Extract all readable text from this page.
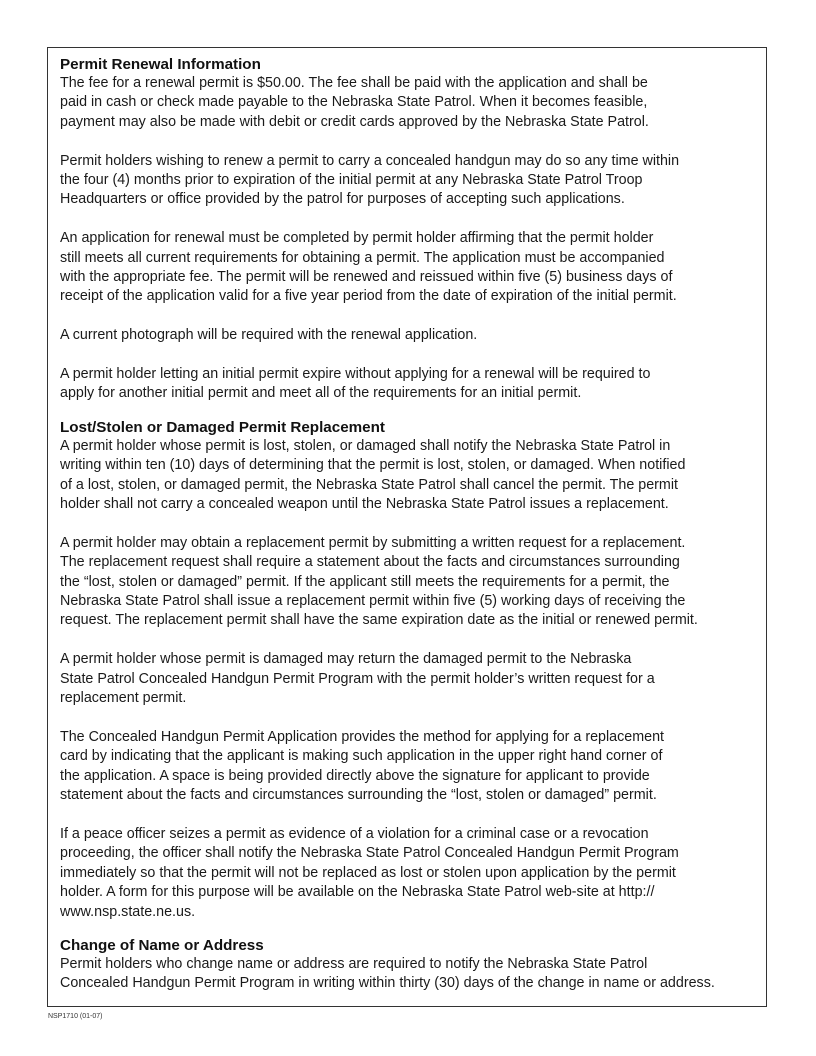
Permit Renewal Information

The fee for a renewal permit is $50.00. The fee shall be paid with the application and shall be

paid in cash or check made payable to the Nebraska State Patrol. When it becomes feasible,

payment may also be made with debit or credit cards approved by the Nebraska State Patrol.

Permit holders wishing to renew a permit to carry a concealed handgun may do so any time within

the four (4) months prior to expiration of the initial permit at any Nebraska State Patrol Troop

Headquarters or office provided by the patrol for purposes of accepting such applications.

An application for renewal must be completed by permit holder affirming that the permit holder

still meets all current requirements for obtaining a permit. The application must be accompanied

with the appropriate fee. The permit will be renewed and reissued within five (5) business days of

receipt of the application valid for a five year period from the date of expiration of the initial permit.

A current photograph will be required with the renewal application.

A permit holder letting an initial permit expire without applying for a renewal will be required to

apply for another initial permit and meet all of the requirements for an initial permit.

Lost/Stolen or Damaged Permit Replacement

A permit holder whose permit is lost, stolen, or damaged shall notify the Nebraska State Patrol in

writing within ten (10) days of determining that the permit is lost, stolen, or damaged. When notified

of a lost, stolen, or damaged permit, the Nebraska State Patrol shall cancel the permit. The permit

holder shall not carry a concealed weapon until the Nebraska State Patrol issues a replacement.

A permit holder may obtain a replacement permit by submitting a written request for a replacement.

The replacement request shall require a statement about the facts and circumstances surrounding

the “lost, stolen or damaged” permit. If the applicant still meets the requirements for a permit, the

Nebraska State Patrol shall issue a replacement permit within five (5) working days of receiving the

request. The replacement permit shall have the same expiration date as the initial or renewed permit.

A permit holder whose permit is damaged may return the damaged permit to the Nebraska

State Patrol Concealed Handgun Permit Program with the permit holder’s written request for a

replacement permit.

The Concealed Handgun Permit Application provides the method for applying for a replacement

card by indicating that the applicant is making such application in the upper right hand corner of

the application. A space is being provided directly above the signature for applicant to provide

statement about the facts and circumstances surrounding the “lost, stolen or damaged” permit.

If a peace officer seizes a permit as evidence of a violation for a criminal case or a revocation

proceeding, the officer shall notify the Nebraska State Patrol Concealed Handgun Permit Program

immediately so that the permit will not be replaced as lost or stolen upon application by the permit

holder. A form for this purpose will be available on the Nebraska State Patrol web-site at http://

www.nsp.state.ne.us.

Change of Name or Address

Permit holders who change name or address are required to notify the Nebraska State Patrol

Concealed Handgun Permit Program in writing within thirty (30) days of the change in name or address.

NSP1710 (01-07)
